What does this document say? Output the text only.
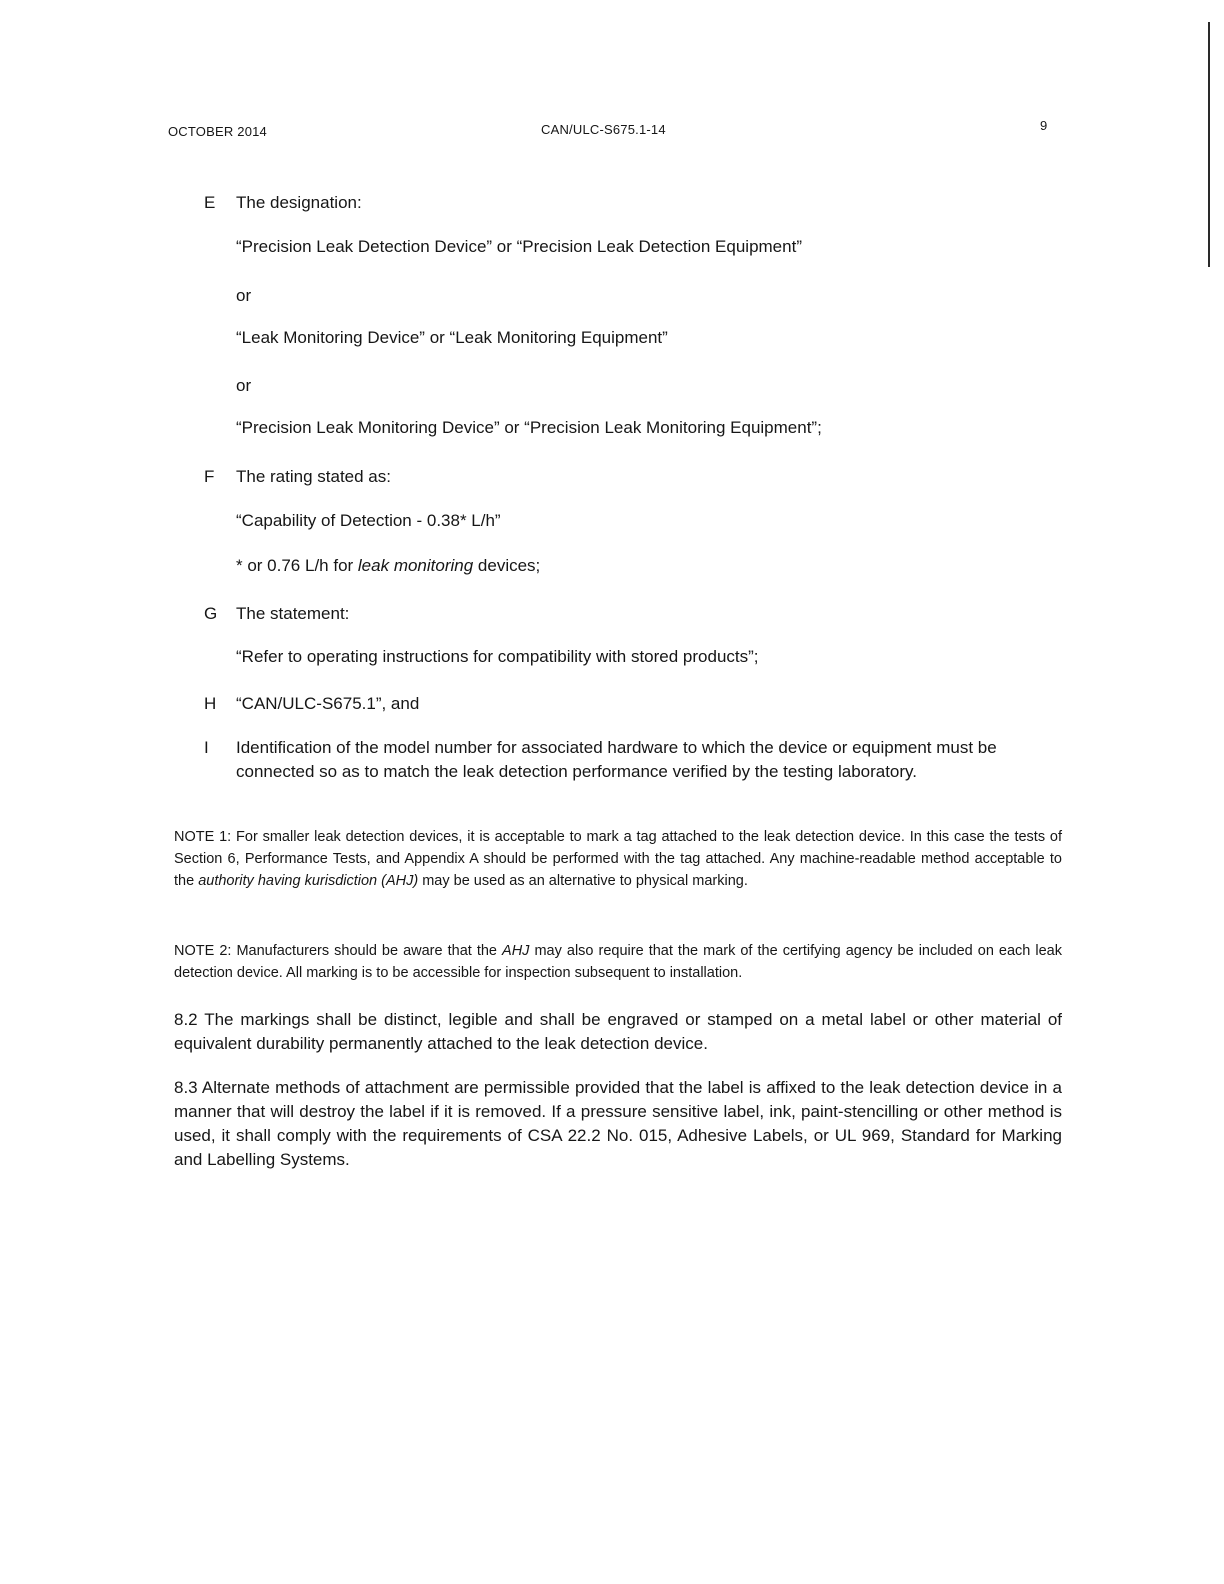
OCTOBER 2014	CAN/ULC-S675.1-14	9
E The designation:
“Precision Leak Detection Device” or “Precision Leak Detection Equipment”
or
“Leak Monitoring Device” or “Leak Monitoring Equipment”
or
“Precision Leak Monitoring Device” or “Precision Leak Monitoring Equipment”;
F The rating stated as:
“Capability of Detection - 0.38* L/h”
* or 0.76 L/h for leak monitoring devices;
G The statement:
“Refer to operating instructions for compatibility with stored products”;
H “CAN/ULC-S675.1”, and
I Identification of the model number for associated hardware to which the device or equipment must be connected so as to match the leak detection performance verified by the testing laboratory.
NOTE 1: For smaller leak detection devices, it is acceptable to mark a tag attached to the leak detection device. In this case the tests of Section 6, Performance Tests, and Appendix A should be performed with the tag attached. Any machine-readable method acceptable to the authority having kurisdiction (AHJ) may be used as an alternative to physical marking.
NOTE 2: Manufacturers should be aware that the AHJ may also require that the mark of the certifying agency be included on each leak detection device. All marking is to be accessible for inspection subsequent to installation.
8.2 The markings shall be distinct, legible and shall be engraved or stamped on a metal label or other material of equivalent durability permanently attached to the leak detection device.
8.3 Alternate methods of attachment are permissible provided that the label is affixed to the leak detection device in a manner that will destroy the label if it is removed. If a pressure sensitive label, ink, paint-stencilling or other method is used, it shall comply with the requirements of CSA 22.2 No. 015, Adhesive Labels, or UL 969, Standard for Marking and Labelling Systems.
